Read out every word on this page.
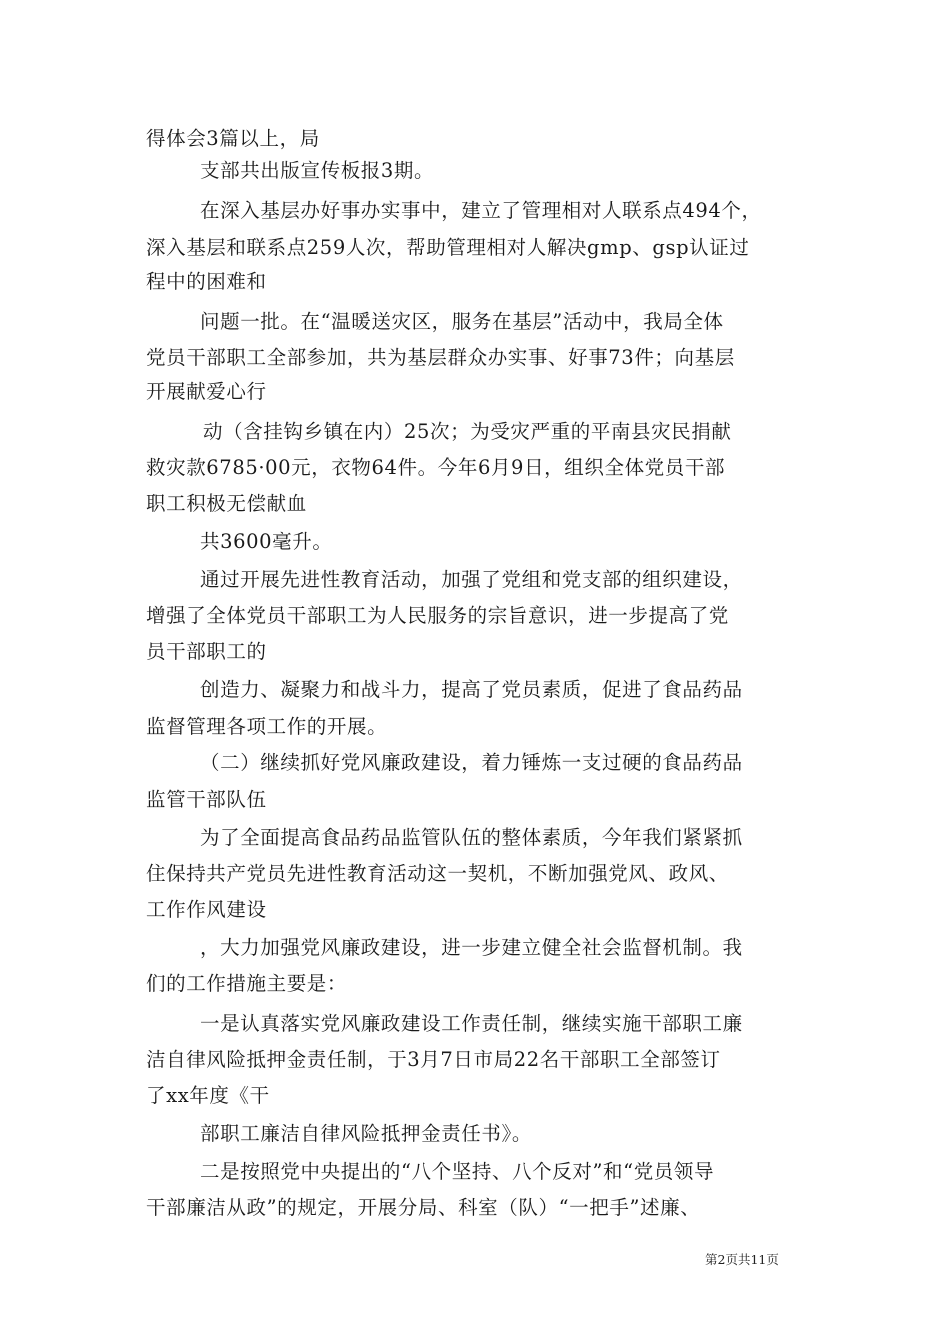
得体会3篇以上，局
支部共出版宣传板报3期。
在深入基层办好事办实事中，建立了管理相对人联系点494个，
深入基层和联系点259人次，帮助管理相对人解决gmp、gsp认证过
程中的困难和
问题一批。在“温暖送灾区，服务在基层”活动中，我局全体
党员干部职工全部参加，共为基层群众办实事、好事73件；向基层
开展献爱心行
动（含挂钩乡镇在内）25次；为受灾严重的平南县灾民捐献
救灾款6785·00元，衣物64件。今年6月9日，组织全体党员干部
职工积极无偿献血
共3600毫升。
通过开展先进性教育活动，加强了党组和党支部的组织建设，
增强了全体党员干部职工为人民服务的宗旨意识，进一步提高了党
员干部职工的
创造力、凝聚力和战斗力，提高了党员素质，促进了食品药品
监督管理各项工作的开展。
（二）继续抓好党风廉政建设，着力锤炼一支过硬的食品药品
监管干部队伍
为了全面提高食品药品监管队伍的整体素质，今年我们紧紧抓
住保持共产党员先进性教育活动这一契机，不断加强党风、政风、
工作作风建设
，大力加强党风廉政建设，进一步建立健全社会监督机制。我
们的工作措施主要是：
一是认真落实党风廉政建设工作责任制，继续实施干部职工廉
洁自律风险抵押金责任制，于3月7日市局22名干部职工全部签订
了xx年度《干
部职工廉洁自律风险抵押金责任书》。
二是按照党中央提出的“八个坚持、八个反对”和“党员领导
干部廉洁从政”的规定，开展分局、科室（队）“一把手”述廉、
第2页共11页
